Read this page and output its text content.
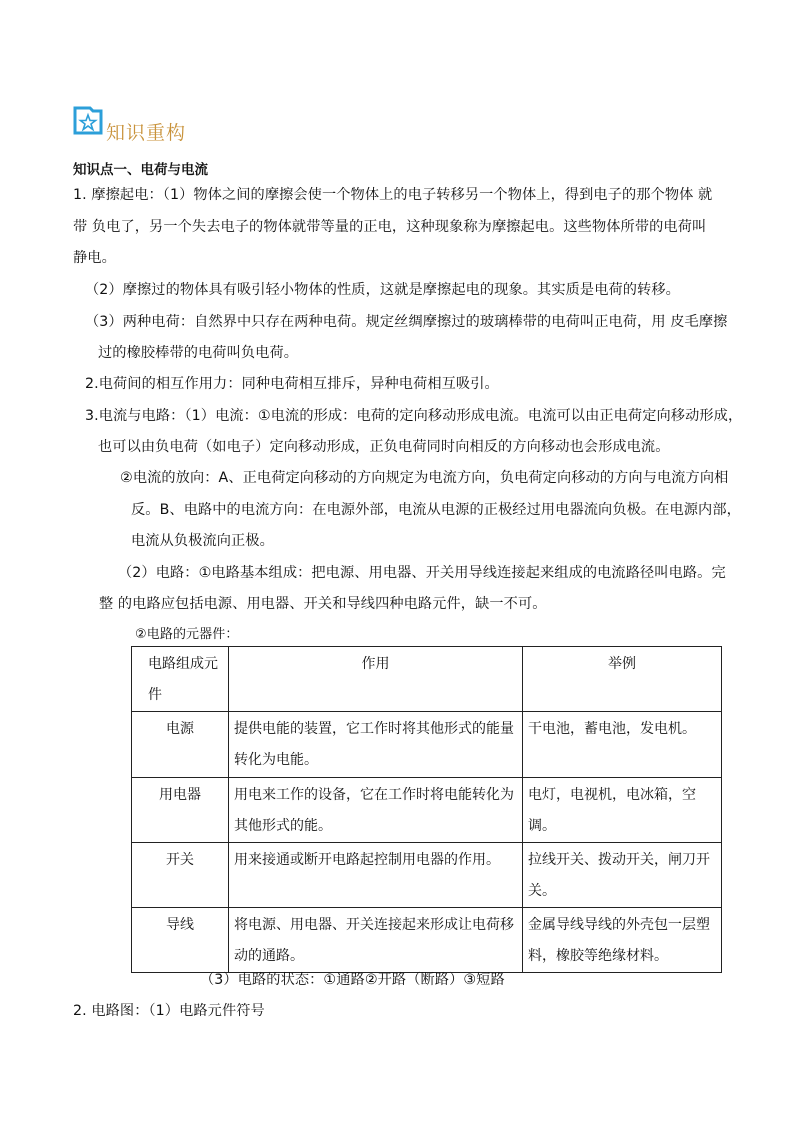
知识重构
知识点一、电荷与电流
1. 摩擦起电：（1）物体之间的摩擦会使一个物体上的电子转移另一个物体上，得到电子的那个物体 就
带 负电了，另一个失去电子的物体就带等量的正电，这种现象称为摩擦起电。这些物体所带的电荷叫
静电。
（2）摩擦过的物体具有吸引轻小物体的性质，这就是摩擦起电的现象。其实质是电荷的转移。
（3）两种电荷：自然界中只存在两种电荷。规定丝绸摩擦过的玻璃棒带的电荷叫正电荷，用 皮毛摩擦
过的橡胶棒带的电荷叫负电荷。
2.电荷间的相互作用力：同种电荷相互排斥，异种电荷相互吸引。
3.电流与电路：（1）电流：①电流的形成：电荷的定向移动形成电流。电流可以由正电荷定向移动形成，
也可以由负电荷（如电子）定向移动形成，正负电荷同时向相反的方向移动也会形成电流。
②电流的放向：A、正电荷定向移动的方向规定为电流方向，负电荷定向移动的方向与电流方向相
反。B、电路中的电流方向：在电源外部，电流从电源的正极经过用电器流向负极。在电源内部，
电流从负极流向正极。
（2）电路：①电路基本组成：把电源、用电器、开关用导线连接起来组成的电流路径叫电路。完
整 的电路应包括电源、用电器、开关和导线四种电路元件，缺一不可。
②电路的元器件：
电路组成元件	作用	举例
电源	提供电能的装置，它工作时将其他形式的能量转化为电能。	干电池，蓄电池，发电机。
用电器	用电来工作的设备，它在工作时将电能转化为其他形式的能。	电灯，电视机，电冰箱，空调。
开关	用来接通或断开电路起控制用电器的作用。	拉线开关、拨动开关，闸刀开关。
导线	将电源、用电器、开关连接起来形成让电荷移动的通路。	金属导线导线的外壳包一层塑料，橡胶等绝缘材料。
（3）电路的状态：①通路②开路（断路）③短路
2. 电路图：（1）电路元件符号
